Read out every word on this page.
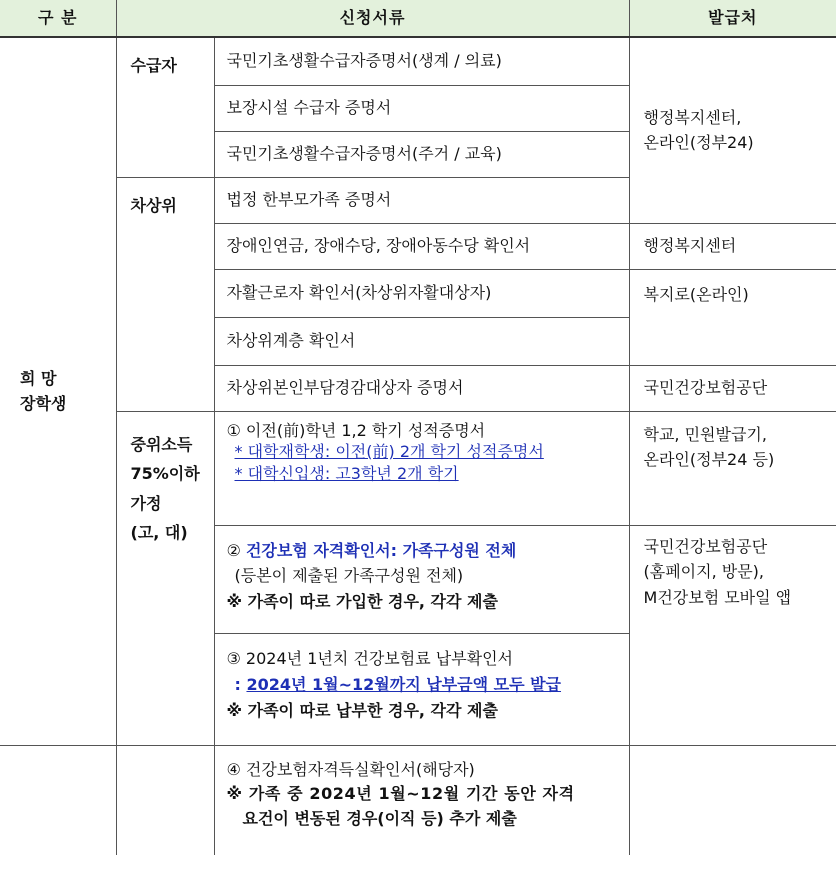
구 분	신청서류		발급처

희 망
장학생	수급자	국민기초생활수급자증명서(생계 / 의료)	행정복지센터,
온라인(정부24)

		보장시설 수급자 증명서	
		국민기초생활수급자증명서(주거 / 교육)	
	차상위	법정 한부모가족 증명서	
		장애인연금, 장애수당, 장애아동수당 확인서	행정복지센터
		자활근로자 확인서(차상위자활대상자)	복지로(온라인)
		차상위계층 확인서	
		차상위본인부담경감대상자 증명서	국민건강보험공단

	중위소득
75%이하
가정
(고, 대)	① 이전(前)학년 1,2 학기 성적증명서
* 대학재학생: 이전(前) 2개 학기 성적증명서
* 대학신입생: 고3학년 2개 학기	학교, 민원발급기,
온라인(정부24 등)

		② 건강보험 자격확인서: 가족구성원 전체
(등본이 제출된 가족구성원 전체)
※ 가족이 따로 가입한 경우, 각각 제출	국민건강보험공단
(홈페이지, 방문),
M건강보험 모바일 앱

		③ 2024년 1년치 건강보험료 납부확인서
: 2024년 1월~12월까지 납부금액 모두 발급
※ 가족이 따로 납부한 경우, 각각 제출	

		④ 건강보험자격득실확인서(해당자)
※ 가족 중 2024년 1월~12월 기간 동안 자격
요건이 변동된 경우(이직 등) 추가 제출	
